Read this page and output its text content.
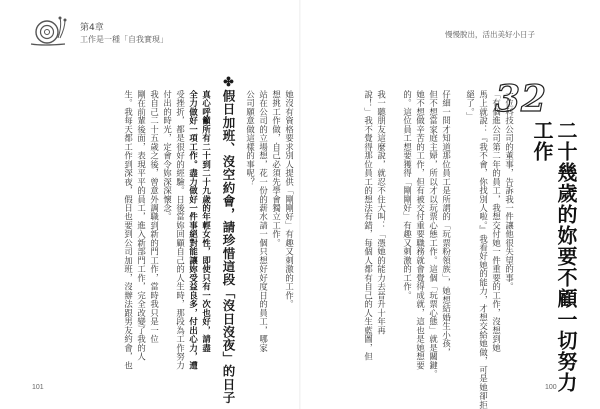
第4章
工作是一種「自我實現」
她沒有資格要求別人提供「剛剛好」有趣又刺激的工作。
想挑工作做，自己必須先學會獨立工作。
站在公司的立場想，花一份的薪水請一個只想好好度日的員工，哪家
公司願意做這樣的事呢？
✤假日加班、沒空約會，請珍惜這段「沒日沒夜」的日子
真心呼籲所有二十到二十九歲的年輕女性，即使只有一次也好，請盡
全力做好一項工作。盡力做好一件事絕對能讓妳受益良多，付出心力，遭
受挫折，都是很好的經驗。日後當妳回顧自己的人生時，那段為工作努力
付出的時光，定會令妳深深懷念。
我自己二十五歲之後，曾意外調職到新的門工作，當時我只是一位
剛在前輩後面，表現平平的員工，進入新部門工作，完全改變了我的人
生。我每天都工作到深夜，假日也要到公司加班，沒辦法跟男友約會，也
101
慢慢脫出，活出美好小日子
100
32
二十幾歲的妳要不顧一切努力工作
一位科技公司的董事，告訴我一件讓他很失望的事。
「有個進公司第二年的員工，我想交付她一件重要的工作，沒想到她
馬上就說：『我不會，你找別人啦。』我看好她的能力，才想交給她做，可是她卻拒
絕了。」
仔細一問才知道那位員工是所謂的「玩票粉領族」，她想結婚生小孩，
但不想當家庭主婦，所以才以玩票心態工作。這個「玩票心態」就是關鍵。
她不想做辛苦的工作，但有被交付重要職務就會覺得成就，這也是她想要
的。這位員工想要獲得「剛剛好」有趣又刺激的工作。
我一聽朋友這麼說，就忍不住大叫：「憑她的能力去晉升十年再
說！」我不覺得那位員工的想法有錯，每個人都有自己的人生藍圖，但
